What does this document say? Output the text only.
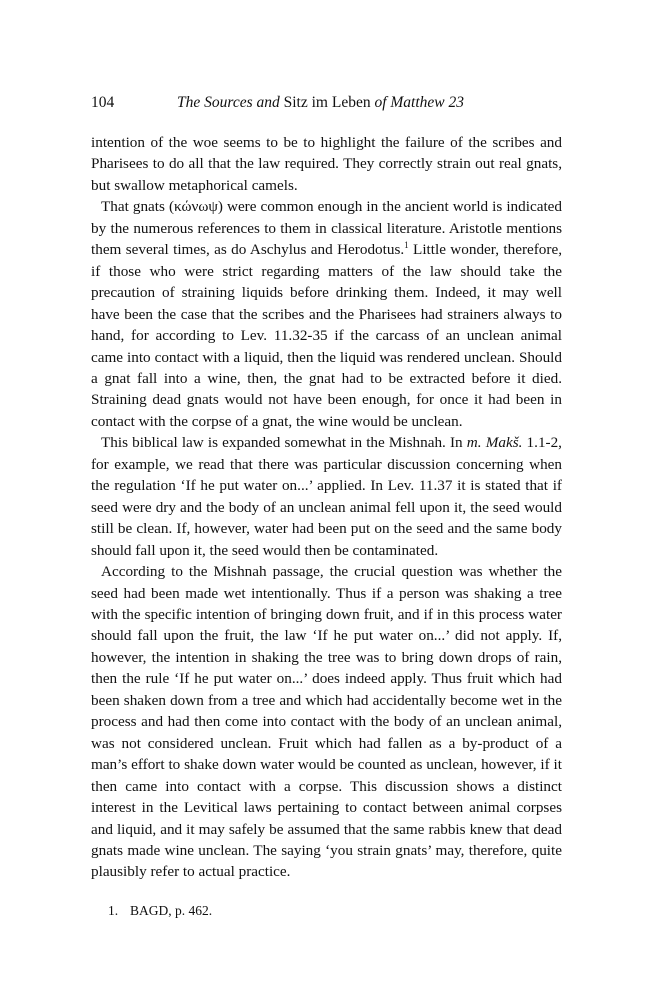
104	The Sources and Sitz im Leben of Matthew 23

intention of the woe seems to be to highlight the failure of the scribes and Pharisees to do all that the law required. They correctly strain out real gnats, but swallow metaphorical camels.

That gnats (κώνωψ) were common enough in the ancient world is indicated by the numerous references to them in classical literature. Aristotle mentions them several times, as do Aschylus and Herodotus.$^1$ Little wonder, therefore, if those who were strict regarding matters of the law should take the precaution of straining liquids before drinking them. Indeed, it may well have been the case that the scribes and the Pharisees had strainers always to hand, for according to Lev. 11.32-35 if the carcass of an unclean animal came into contact with a liquid, then the liquid was rendered unclean. Should a gnat fall into a wine, then, the gnat had to be extracted before it died. Straining dead gnats would not have been enough, for once it had been in contact with the corpse of a gnat, the wine would be unclean.

This biblical law is expanded somewhat in the Mishnah. In m. Makš. 1.1-2, for example, we read that there was particular discussion concerning when the regulation ‘If he put water on...’ applied. In Lev. 11.37 it is stated that if seed were dry and the body of an unclean animal fell upon it, the seed would still be clean. If, however, water had been put on the seed and the same body should fall upon it, the seed would then be contaminated.

According to the Mishnah passage, the crucial question was whether the seed had been made wet intentionally. Thus if a person was shaking a tree with the specific intention of bringing down fruit, and if in this process water should fall upon the fruit, the law ‘If he put water on...’ did not apply. If, however, the intention in shaking the tree was to bring down drops of rain, then the rule ‘If he put water on...’ does indeed apply. Thus fruit which had been shaken down from a tree and which had accidentally become wet in the process and had then come into contact with the body of an unclean animal, was not considered unclean. Fruit which had fallen as a by-product of a man’s effort to shake down water would be counted as unclean, however, if it then came into contact with a corpse. This discussion shows a distinct interest in the Levitical laws pertaining to contact between animal corpses and liquid, and it may safely be assumed that the same rabbis knew that dead gnats made wine unclean. The saying ‘you strain gnats’ may, therefore, quite plausibly refer to actual practice.

1. BAGD, p. 462.
